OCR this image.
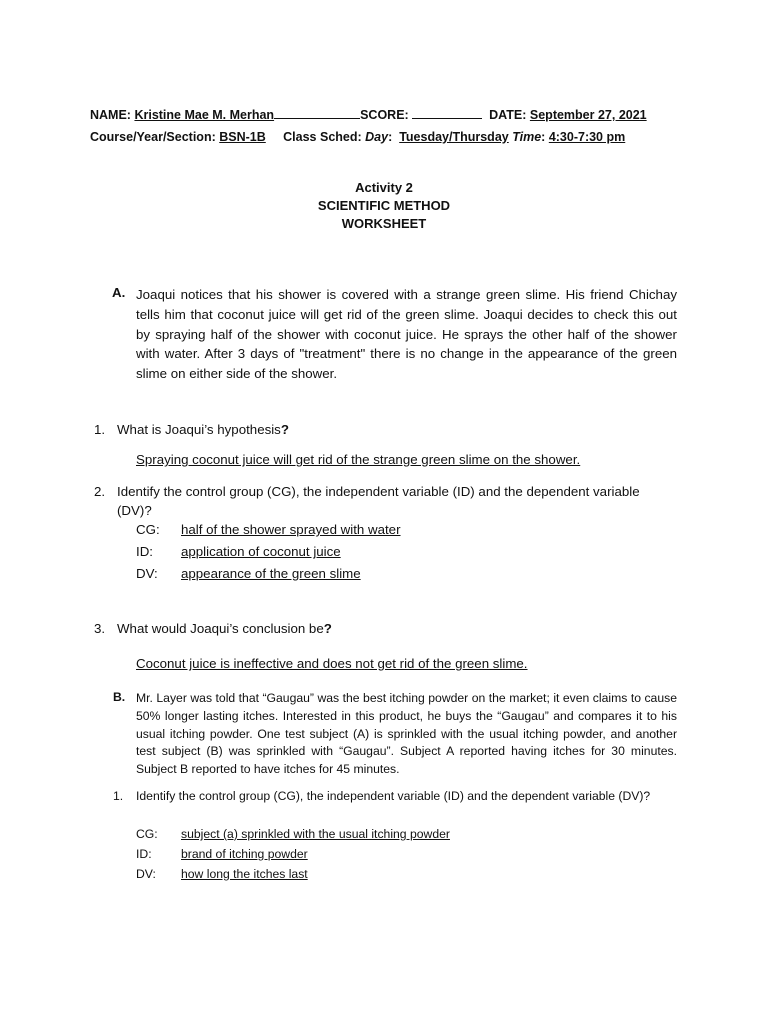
NAME: Kristine Mae M. Merhan	SCORE:	DATE: September 27, 2021
Course/Year/Section: BSN-1B Class Sched: Day:  Tuesday/Thursday Time: 4:30-7:30 pm
Activity 2
SCIENTIFIC METHOD
WORKSHEET
A. Joaqui notices that his shower is covered with a strange green slime. His friend Chichay tells him that coconut juice will get rid of the green slime. Joaqui decides to check this out by spraying half of the shower with coconut juice. He sprays the other half of the shower with water. After 3 days of "treatment" there is no change in the appearance of the green slime on either side of the shower.
1. What is Joaqui’s hypothesis?
Spraying coconut juice will get rid of the strange green slime on the shower.
2. Identify the control group (CG), the independent variable (ID) and the dependent variable
(DV)?
CG: half of the shower sprayed with water
ID: application of coconut juice
DV: appearance of the green slime
3. What would Joaqui’s conclusion be?
Coconut juice is ineffective and does not get rid of the green slime.
B. Mr. Layer was told that “Gaugau” was the best itching powder on the market; it even claims to cause 50% longer lasting itches. Interested in this product, he buys the “Gaugau” and compares it to his usual itching powder. One test subject (A) is sprinkled with the usual itching powder, and another test subject (B) was sprinkled with “Gaugau”. Subject A reported having itches for 30 minutes. Subject B reported to have itches for 45 minutes.
1. Identify the control group (CG), the independent variable (ID) and the dependent variable (DV)?
CG: subject (a) sprinkled with the usual itching powder
ID: brand of itching powder
DV: how long the itches last
